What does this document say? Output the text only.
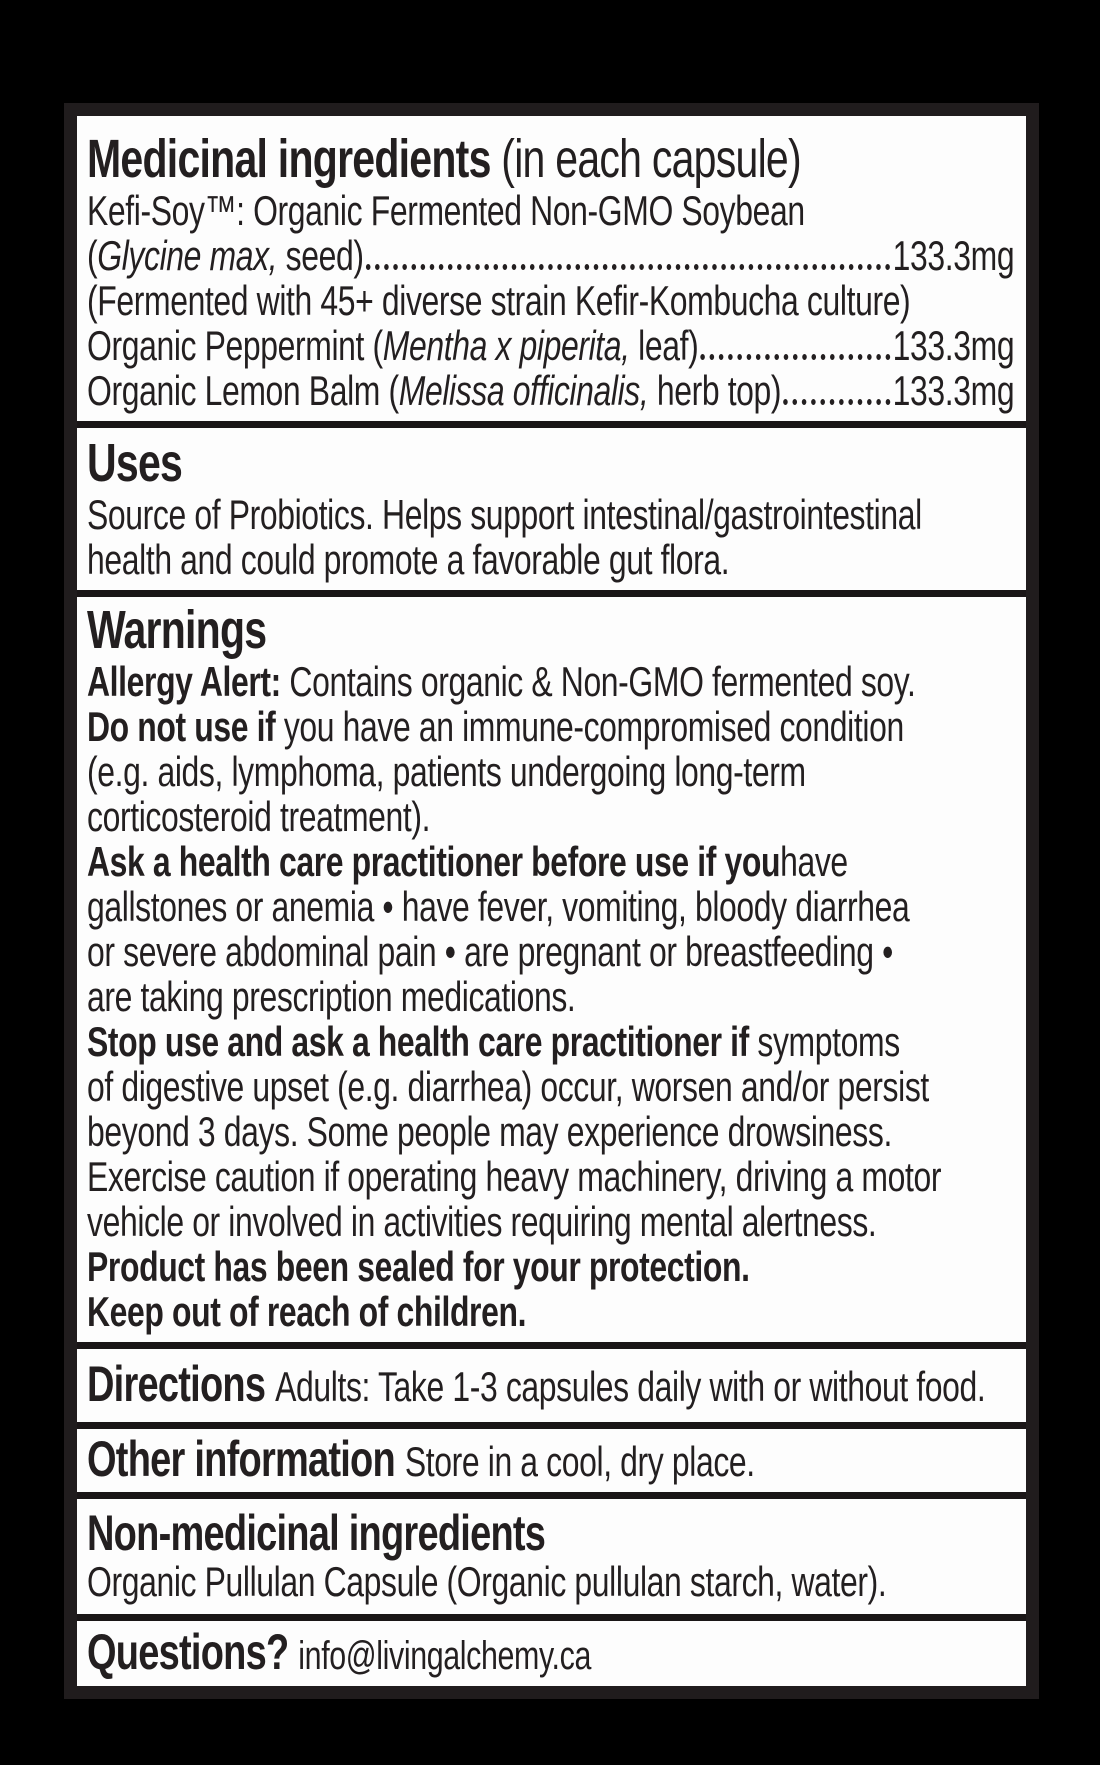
Medicinal ingredients (in each capsule)
Kefi-Soy™: Organic Fermented Non-GMO Soybean
(Glycine max, seed)	133.3mg
(Fermented with 45+ diverse strain Kefir-Kombucha culture)
Organic Peppermint (Mentha x piperita, leaf)	133.3mg
Organic Lemon Balm (Melissa officinalis, herb top)	133.3mg
Uses
Source of Probiotics. Helps support intestinal/gastrointestinal
health and could promote a favorable gut flora.
Warnings
Allergy Alert: Contains organic & Non-GMO fermented soy.
Do not use if you have an immune-compromised condition
(e.g. aids, lymphoma, patients undergoing long-term
corticosteroid treatment).
Ask a health care practitioner before use if youhave
gallstones or anemia • have fever, vomiting, bloody diarrhea
or severe abdominal pain • are pregnant or breastfeeding •
are taking prescription medications.
Stop use and ask a health care practitioner if symptoms
of digestive upset (e.g. diarrhea) occur, worsen and/or persist
beyond 3 days. Some people may experience drowsiness.
Exercise caution if operating heavy machinery, driving a motor
vehicle or involved in activities requiring mental alertness.
Product has been sealed for your protection.
Keep out of reach of children.
Directions Adults: Take 1-3 capsules daily with or without food.
Other information Store in a cool, dry place.
Non-medicinal ingredients
Organic Pullulan Capsule (Organic pullulan starch, water).
Questions? info@livingalchemy.ca
